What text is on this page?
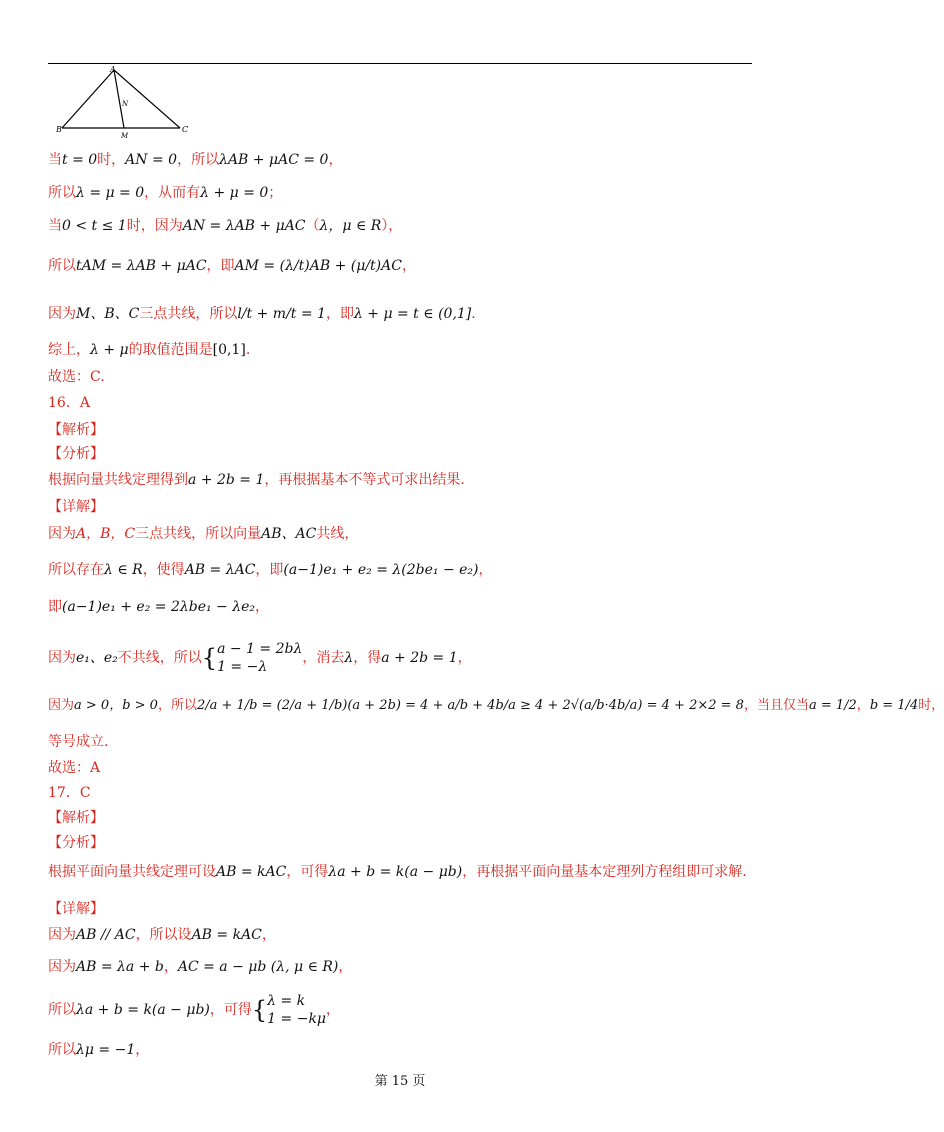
A
B	C
N
M
当t = 0时，AN = 0，所以λAB + μAC = 0，
所以λ = μ = 0，从而有λ + μ = 0；
当0 < t ≤ 1时，因为AN = λAB + μAC（λ，μ ∈ R），
所以tAM = λAB + μAC，即AM = (λ/t)AB + (μ/t)AC，
因为M、B、C三点共线，所以l/t + m/t = 1，即λ + μ = t ∈ (0,1].
综上，λ + μ的取值范围是[0,1].
故选：C.
16．A
【解析】
【分析】
根据向量共线定理得到a + 2b = 1，再根据基本不等式可求出结果.
【详解】
因为A，B，C三点共线，所以向量AB、AC共线，
所以存在λ ∈ R，使得AB = λAC，即(a−1)e₁ + e₂ = λ(2be₁ − e₂)，
即(a−1)e₁ + e₂ = 2λbe₁ − λe₂，
因为e₁、e₂不共线，所以{ a − 1 = 2bλ
1 = −λ
，消去λ，得a + 2b = 1，
因为a > 0，b > 0，所以2/a + 1/b = (2/a + 1/b)(a + 2b) = 4 + a/b + 4b/a ≥ 4 + 2√(a/b·4b/a) = 4 + 2×2 = 8，当且仅当a = 1/2，b = 1/4时，
等号成立.
故选：A
17．C
【解析】
【分析】
根据平面向量共线定理可设AB = kAC，可得λa + b = k(a − μb)，再根据平面向量基本定理列方程组即可求解.
【详解】
因为AB // AC，所以设AB = kAC，
因为AB = λa + b，AC = a − μb (λ, μ ∈ R)，
所以λa + b = k(a − μb)，可得{ λ = k
1 = −kμ
，
所以λμ = −1，
第 15 页
